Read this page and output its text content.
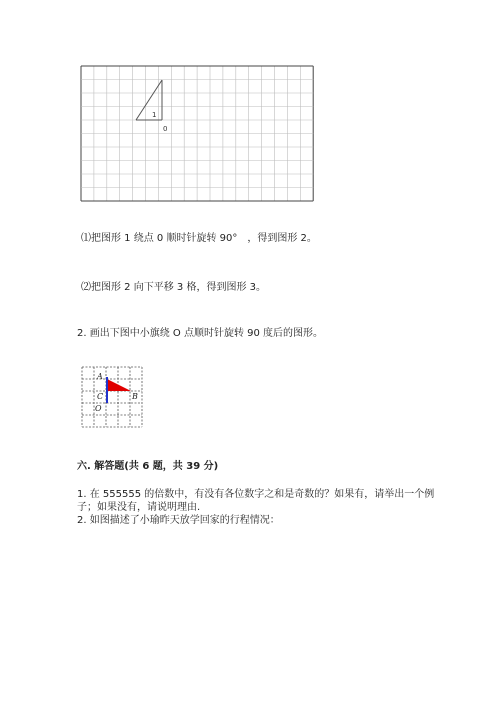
1
0
⑴把图形 1 绕点 0 顺时针旋转 90°　，得到图形 2。
⑵把图形 2 向下平移 3 格，得到图形 3。
2. 画出下图中小旗绕 O 点顺时针旋转 90 度后的图形。
A
B
C
O
六. 解答题(共 6 题，共 39 分)
1. 在 555555 的倍数中，有没有各位数字之和是奇数的？如果有，请举出一个例
子；如果没有，请说明理由.
2. 如图描述了小瑜昨天放学回家的行程情况：
